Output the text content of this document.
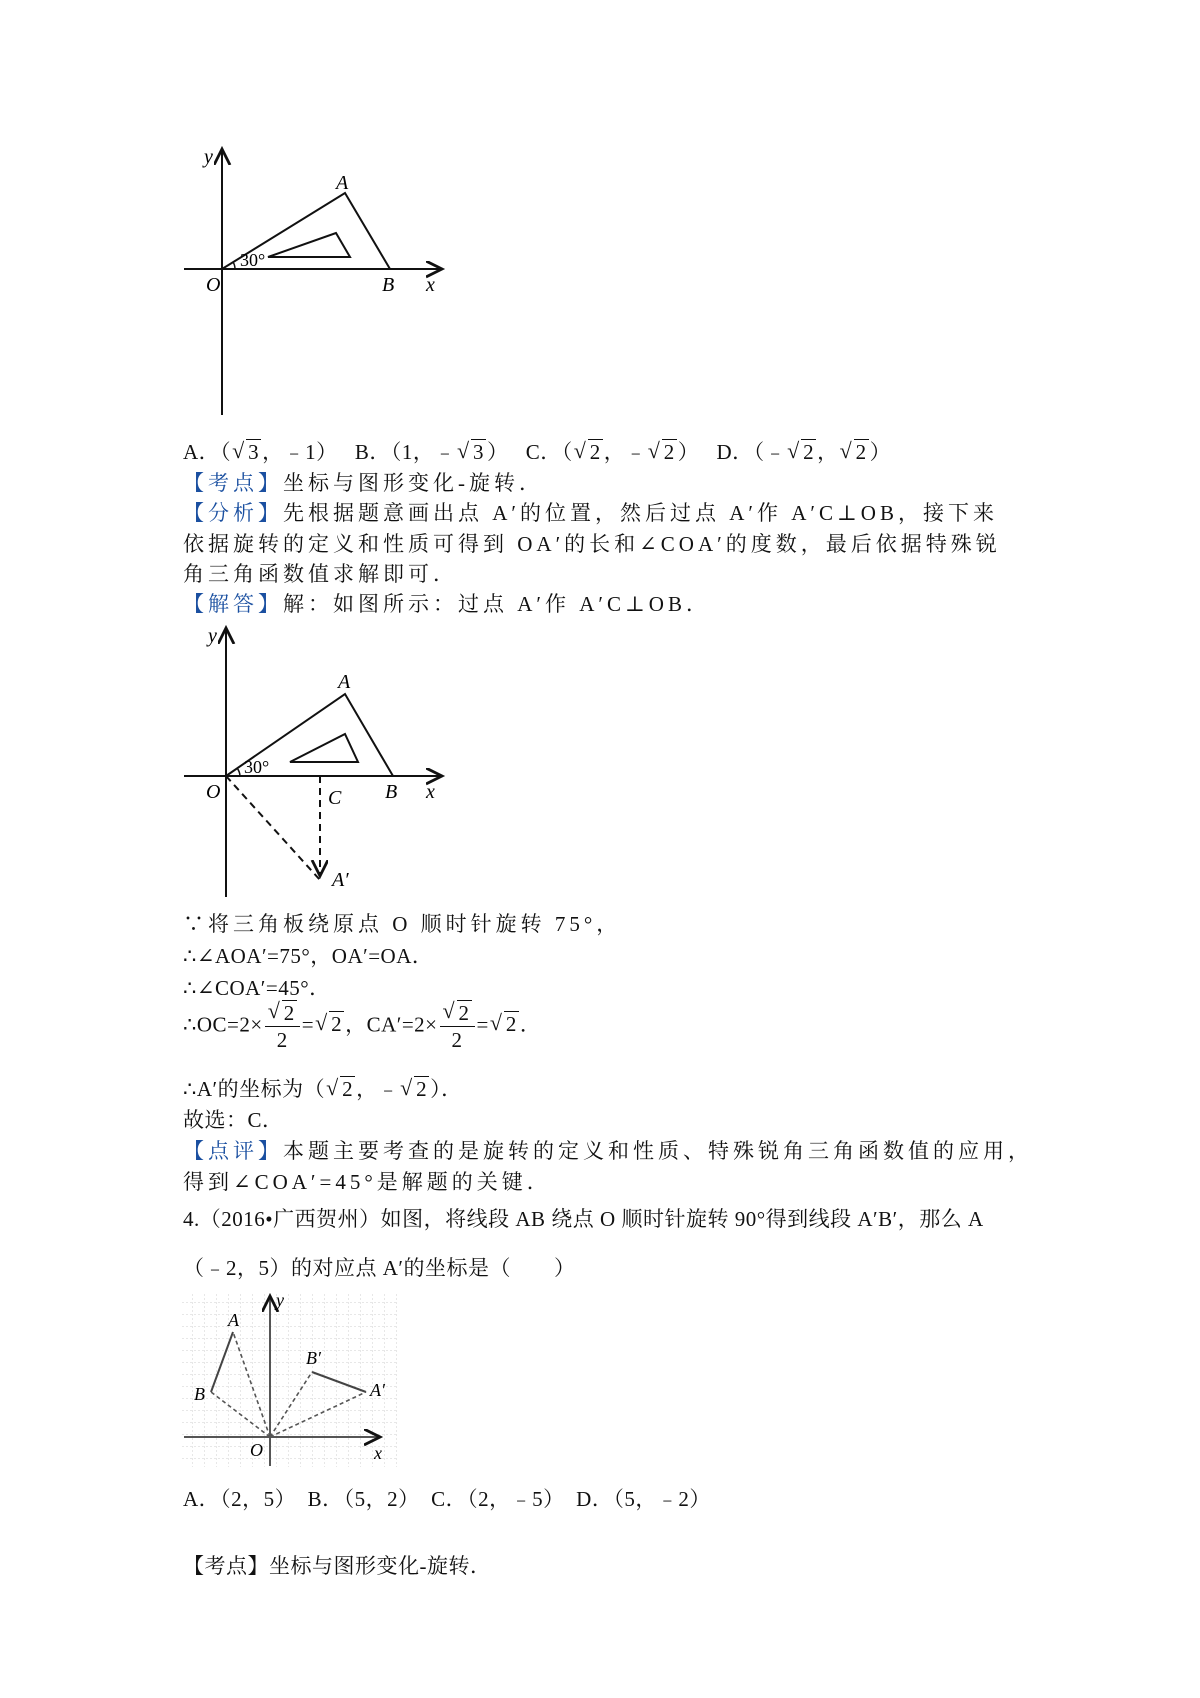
y
x
O
A
B
30°
A．（ √ 3 ，﹣1） B．（1，﹣ √ 3 ） C．（ √ 2 ，﹣ √ 2 ） D．（﹣ √ 2 ， √ 2 ）
【考点】坐标与图形变化-旋转．
【分析】先根据题意画出点 A′的位置，然后过点 A′作 A′C⊥OB，接下来
依据旋转的定义和性质可得到 OA′的长和∠COA′的度数，最后依据特殊锐
角三角函数值求解即可．
【解答】解：如图所示：过点 A′作 A′C⊥OB．
y
x
O
A
B
C
A′
30°
∵将三角板绕原点 O 顺时针旋转 75°，
∴∠AOA′=75°，OA′=OA．
∴∠COA′=45°．
∴OC=2× √ $\frac{2}{2}$ = √ 2 ，CA′=2× √ $\frac{2}{2}$ = √ 2 ．
∴A′的坐标为（ √ 2 ，﹣ √ 2 ）．
故选：C．
【点评】本题主要考查的是旋转的定义和性质、特殊锐角三角函数值的应用，
得到∠COA′=45°是解题的关键．
4.（2016•广西贺州）如图，将线段 AB 绕点 O 顺时针旋转 90°得到线段 A′B′，那么 A
（﹣2，5）的对应点 A′的坐标是（　　）
y
x
O
A
B
B′
A′
A．（2，5）  B．（5，2）  C．（2，﹣5）  D．（5，﹣2）
【考点】坐标与图形变化-旋转．
